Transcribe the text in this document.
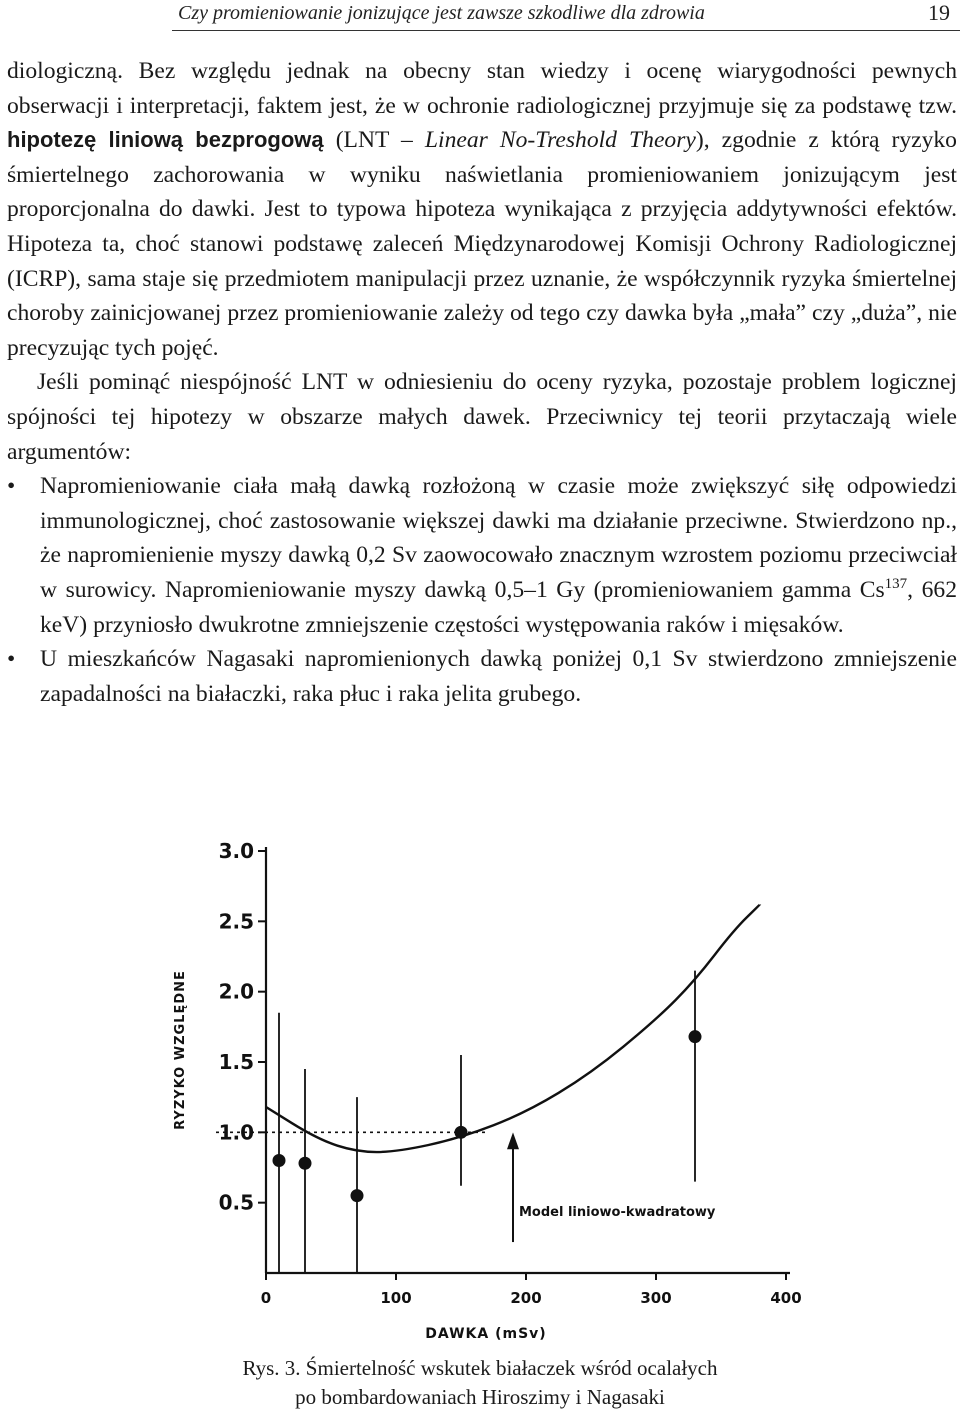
Czy promieniowanie jonizujące jest zawsze szkodliwe dla zdrowia	19

diologiczną. Bez względu jednak na obecny stan wiedzy i ocenę wiarygodności pewnych obserwacji i interpretacji, faktem jest, że w ochronie radiologicznej przyjmuje się za podstawę tzw. hipotezę liniową bezprogową (LNT – Linear No-Treshold Theory), zgodnie z którą ryzyko śmiertelnego zachorowania w wyniku naświetlania promieniowaniem jonizującym jest proporcjonalna do dawki. Jest to typowa hipoteza wynikająca z przyjęcia addytywności efektów. Hipoteza ta, choć stanowi podstawę zaleceń Międzynarodowej Komisji Ochrony Radiologicznej (ICRP), sama staje się przedmiotem manipulacji przez uznanie, że współczynnik ryzyka śmiertelnej choroby zainicjowanej przez promieniowanie zależy od tego czy dawka była „mała” czy „duża”, nie precyzując tych pojęć.

Jeśli pominąć niespójność LNT w odniesieniu do oceny ryzyka, pozostaje problem logicznej spójności tej hipotezy w obszarze małych dawek. Przeciwnicy tej teorii przytaczają wiele argumentów:

• Napromieniowanie ciała małą dawką rozłożoną w czasie może zwiększyć siłę odpowiedzi immunologicznej, choć zastosowanie większej dawki ma działanie przeciwne. Stwierdzono np., że napromienienie myszy dawką 0,2 Sv zaowocowało znacznym wzrostem poziomu przeciwciał w surowicy. Napromieniowanie myszy dawką 0,5–1 Gy (promieniowaniem gamma Cs$^{137}$, 662 keV) przyniosło dwukrotne zmniejszenie częstości występowania raków i mięsaków.
• U mieszkańców Nagasaki napromienionych dawką poniżej 0,1 Sv stwierdzono zmniejszenie zapadalności na białaczki, raka płuc i raka jelita grubego.
0.5
1.0
1.5
2.0
2.5
3.0
0	100	200	300	400
Model liniowo-kwadratowy
DAWKA (mSv)
RYZYKO WZGLĘDNE
Rys. 3. Śmiertelność wskutek białaczek wśród ocalałych
po bombardowaniach Hiroszimy i Nagasaki
